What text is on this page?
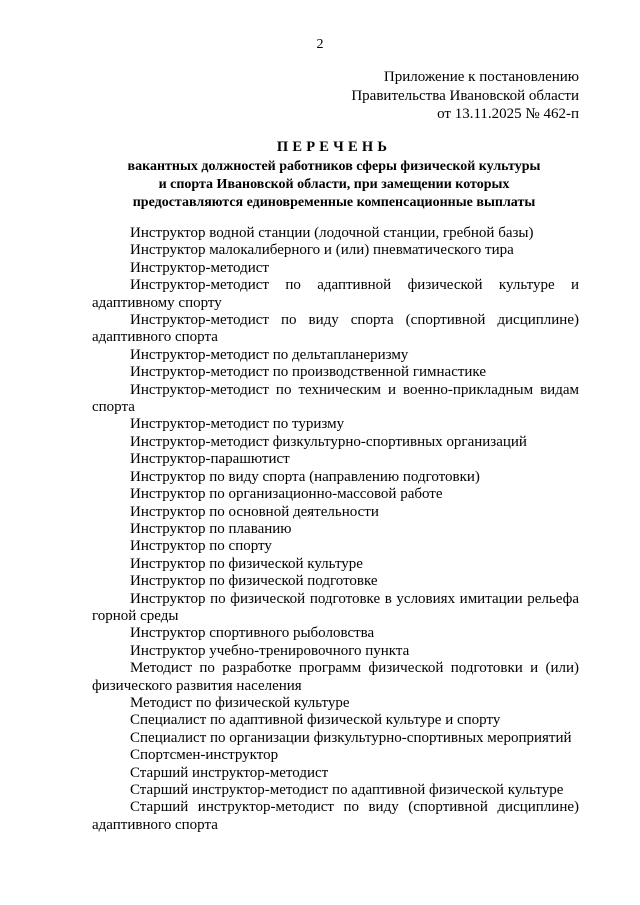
2
Приложение к постановлению
Правительства Ивановской области
от 13.11.2025 № 462-п
ПЕРЕЧЕНЬ
вакантных должностей работников сферы физической культуры
и спорта Ивановской области, при замещении которых
предоставляются единовременные компенсационные выплаты
Инструктор водной станции (лодочной станции, гребной базы)
Инструктор малокалиберного и (или) пневматического тира
Инструктор-методист
Инструктор-методист по адаптивной физической культуре и адаптивному спорту
Инструктор-методист по виду спорта (спортивной дисциплине) адаптивного спорта
Инструктор-методист по дельтапланеризму
Инструктор-методист по производственной гимнастике
Инструктор-методист по техническим и военно-прикладным видам спорта
Инструктор-методист по туризму
Инструктор-методист физкультурно-спортивных организаций
Инструктор-парашютист
Инструктор по виду спорта (направлению подготовки)
Инструктор по организационно-массовой работе
Инструктор по основной деятельности
Инструктор по плаванию
Инструктор по спорту
Инструктор по физической культуре
Инструктор по физической подготовке
Инструктор по физической подготовке в условиях имитации рельефа горной среды
Инструктор спортивного рыболовства
Инструктор учебно-тренировочного пункта
Методист по разработке программ физической подготовки и (или) физического развития населения
Методист по физической культуре
Специалист по адаптивной физической культуре и спорту
Специалист по организации физкультурно-спортивных мероприятий
Спортсмен-инструктор
Старший инструктор-методист
Старший инструктор-методист по адаптивной физической культуре
Старший инструктор-методист по виду (спортивной дисциплине) адаптивного спорта
